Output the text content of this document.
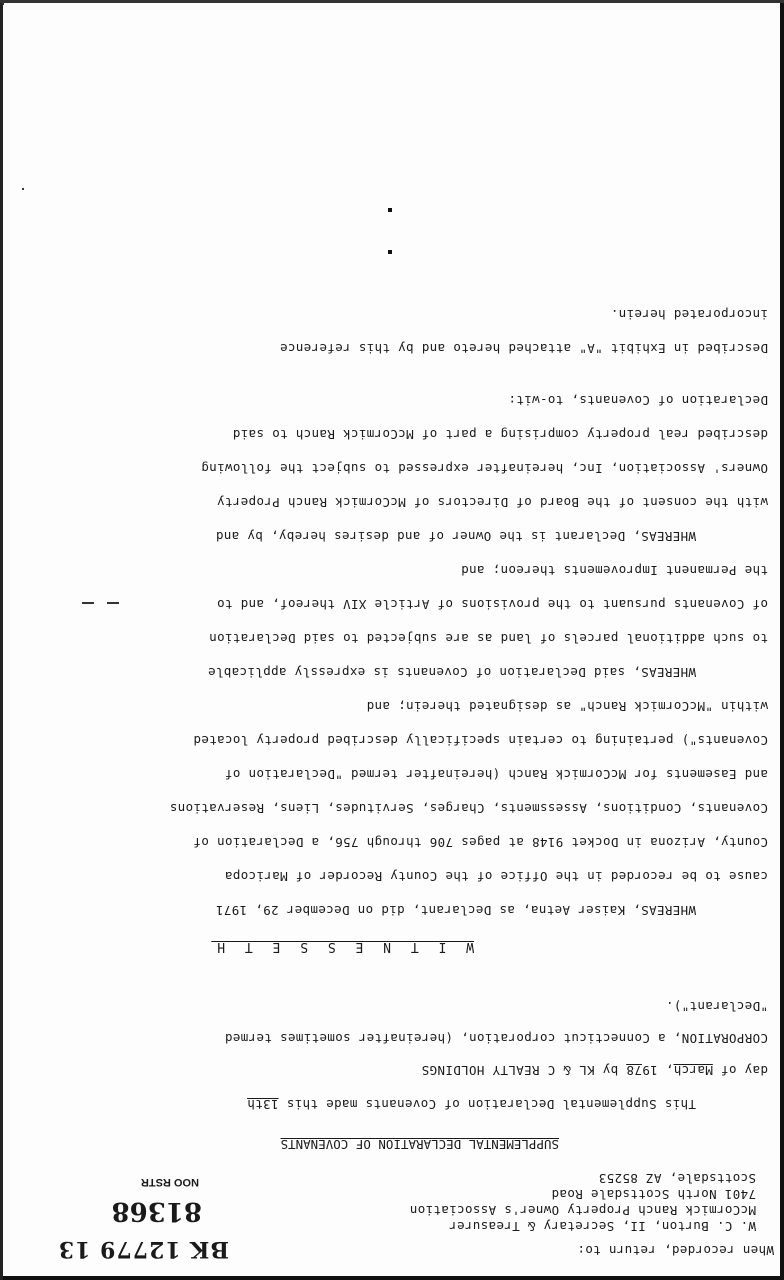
When recorded, return to:
W. C. Burton, II, Secretary & Treasurer
McCormick Ranch Property Owner's Association
7401 North Scottsdale Road
Scottsdale, AZ 85253
BK 12779 13
81368
NOO RSTR
SUPPLEMENTAL DECLARATION OF COVENANTS
This Supplemental Declaration of Covenants made this 13th
day of March, 1978 by KL & C REALTY HOLDINGS
CORPORATION, a Connecticut corporation, (hereinafter sometimes termed
"Declarant").
W I T N E S S E T H
WHEREAS, Kaiser Aetna, as Declarant, did on December 29, 1971
cause to be recorded in the Office of the County Recorder of Maricopa
County, Arizona in Docket 9148 at pages 706 through 756, a Declaration of
Covenants, Conditions, Assessments, Charges, Servitudes, Liens, Reservations
and Easements for McCormick Ranch (hereinafter termed "Declaration of
Covenants") pertaining to certain specifically described property located
within "McCormick Ranch" as designated therein; and
WHEREAS, said Declaration of Covenants is expressly applicable
to such additional parcels of land as are subjected to said Declaration
of Covenants pursuant to the provisions of Article XIV thereof, and to
the Permanent Improvements thereon; and
WHEREAS, Declarant is the Owner of and desires hereby, by and
with the consent of the Board of Directors of McCormick Ranch Property
Owners' Association, Inc, hereinafter expressed to subject the following
described real property comprising a part of McCormick Ranch to said
Declaration of Covenants, to-wit:
Described in Exhibit "A" attached hereto and by this reference
incorporated herein.
